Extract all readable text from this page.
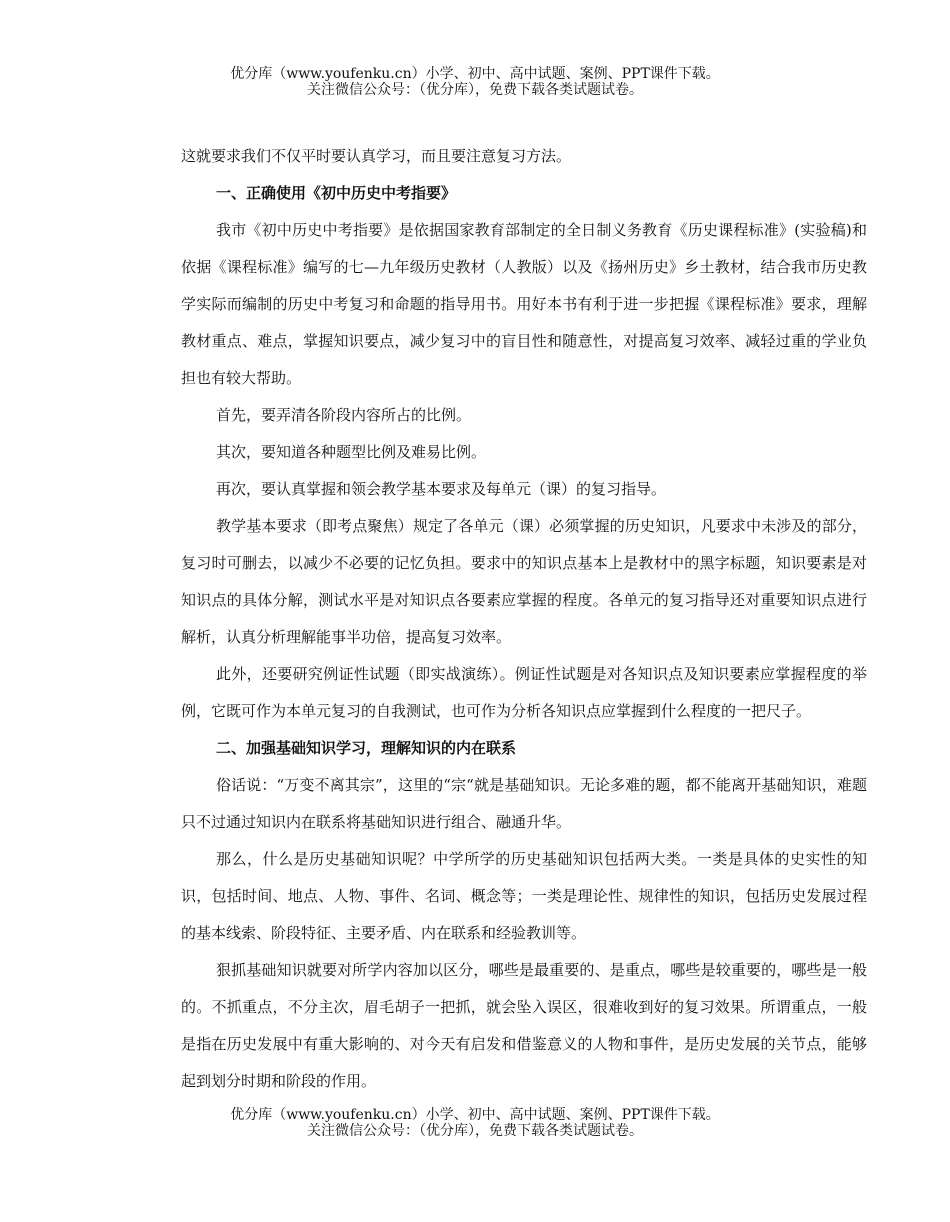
优分库（www.youfenku.cn）小学、初中、高中试题、案例、PPT课件下载。
关注微信公众号：（优分库），免费下载各类试题试卷。

这就要求我们不仅平时要认真学习，而且要注意复习方法。

一、正确使用《初中历史中考指要》

我市《初中历史中考指要》是依据国家教育部制定的全日制义务教育《历史课程标准》(实验稿)和依据《课程标准》编写的七—九年级历史教材（人教版）以及《扬州历史》乡土教材，结合我市历史教学实际而编制的历史中考复习和命题的指导用书。用好本书有利于进一步把握《课程标准》要求，理解教材重点、难点，掌握知识要点，减少复习中的盲目性和随意性，对提高复习效率、减轻过重的学业负担也有较大帮助。

首先，要弄清各阶段内容所占的比例。

其次，要知道各种题型比例及难易比例。

再次，要认真掌握和领会教学基本要求及每单元（课）的复习指导。

教学基本要求（即考点聚焦）规定了各单元（课）必须掌握的历史知识，凡要求中未涉及的部分，复习时可删去，以减少不必要的记忆负担。要求中的知识点基本上是教材中的黑字标题，知识要素是对知识点的具体分解，测试水平是对知识点各要素应掌握的程度。各单元的复习指导还对重要知识点进行解析，认真分析理解能事半功倍，提高复习效率。

此外，还要研究例证性试题（即实战演练）。例证性试题是对各知识点及知识要素应掌握程度的举例，它既可作为本单元复习的自我测试，也可作为分析各知识点应掌握到什么程度的一把尺子。

二、加强基础知识学习，理解知识的内在联系

俗话说：“万变不离其宗”，这里的“宗“就是基础知识。无论多难的题，都不能离开基础知识，难题只不过通过知识内在联系将基础知识进行组合、融通升华。

那么，什么是历史基础知识呢？中学所学的历史基础知识包括两大类。一类是具体的史实性的知识，包括时间、地点、人物、事件、名词、概念等；一类是理论性、规律性的知识，包括历史发展过程的基本线索、阶段特征、主要矛盾、内在联系和经验教训等。

狠抓基础知识就要对所学内容加以区分，哪些是最重要的、是重点，哪些是较重要的，哪些是一般的。不抓重点，不分主次，眉毛胡子一把抓，就会坠入误区，很难收到好的复习效果。所谓重点，一般是指在历史发展中有重大影响的、对今天有启发和借鉴意义的人物和事件，是历史发展的关节点，能够起到划分时期和阶段的作用。

优分库（www.youfenku.cn）小学、初中、高中试题、案例、PPT课件下载。
关注微信公众号：（优分库），免费下载各类试题试卷。
